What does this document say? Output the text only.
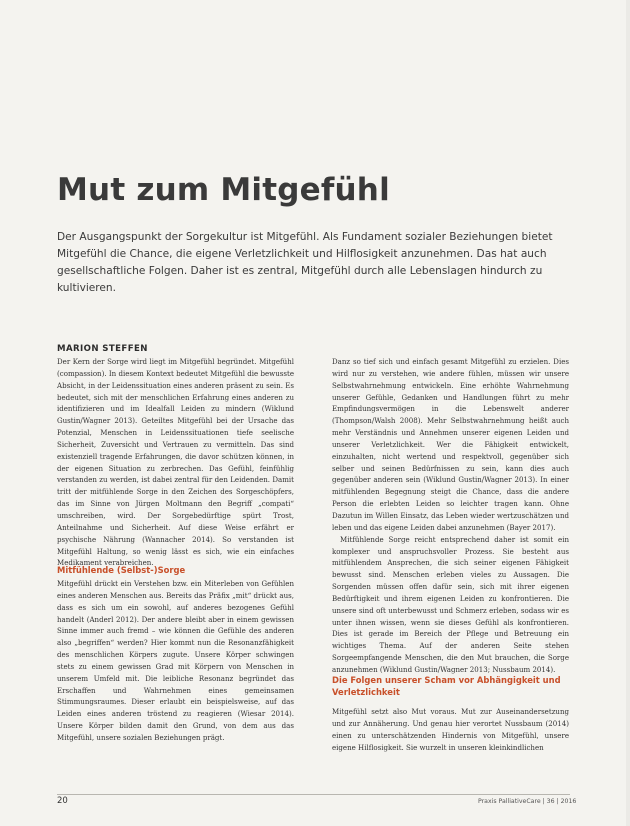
Mut zum Mitgefühl

Der Ausgangspunkt der Sorgekultur ist Mitgefühl. Als Fundament sozialer Beziehungen bietet Mitgefühl die Chance, die eigene Verletzlichkeit und Hilflosigkeit anzunehmen. Das hat auch gesellschaftliche Folgen. Daher ist es zentral, Mitgefühl durch alle Lebenslagen hindurch zu kultivieren.

MARION STEFFEN

Der Kern der Sorge wird liegt im Mitgefühl begründet. Mitgefühl (compassion). In diesem Kontext bedeutet Mitgefühl die bewusste Absicht, in der Leidenssituation eines anderen präsent zu sein. Es bedeutet, sich mit der menschlichen Erfahrung eines anderen zu identifizieren und im Idealfall Leiden zu mindern (Wiklund Gustin/Wagner 2013). Geteiltes Mitgefühl bei der Ursache das Potenzial, Menschen in Leidenssituationen tiefe seelische Sicherheit, Zuversicht und Vertrauen zu vermitteln. Das sind existenziell tragende Erfahrungen, die davor schützen können, in der eigenen Situation zu zerbrechen. Das Gefühl, feinfühlig verstanden zu werden, ist dabei zentral für den Leidenden. Damit tritt der mitfühlende Sorge in den Zeichen des Sorgeschöpfers, das im Sinne von Jürgen Moltmann den Begriff „compati“ umschreiben, wird. Der Sorgebedürftige spürt Trost, Anteilnahme und Sicherheit. Auf diese Weise erfährt er psychische Nährung (Wannacher 2014). So verstanden ist Mitgefühl Haltung, so wenig lässt es sich, wie ein einfaches Medikament verabreichen.

Mitfühlende (Selbst-)Sorge

Mitgefühl drückt ein Verstehen bzw. ein Miterleben von Gefühlen eines anderen Menschen aus. Bereits das Präfix „mit“ drückt aus, dass es sich um ein sowohl, auf anderes bezogenes Gefühl handelt (Anderl 2012). Der andere bleibt aber in einem gewissen Sinne immer auch fremd – wie können die Gefühle des anderen also „begriffen“ werden? Hier kommt nun die Resonanzfähigkeit des menschlichen Körpers zugute. Unsere Körper schwingen stets zu einem gewissen Grad mit Körpern von Menschen in unserem Umfeld mit. Die leibliche Resonanz begründet das Erschaffen und Wahrnehmen eines gemeinsamen Stimmungsraumes. Dieser erlaubt ein beispielsweise, auf das Leiden eines anderen tröstend zu reagieren (Wiesar 2014). Unsere Körper bilden damit den Grund, von dem aus das Mitgefühl, unsere sozialen Beziehungen prägt.

Danz so tief sich und einfach gesamt Mitgefühl zu erzielen. Dies wird nur zu verstehen, wie andere fühlen, müssen wir unsere Selbstwahrnehmung entwickeln. Eine erhöhte Wahrnehmung unserer Gefühle, Gedanken und Handlungen führt zu mehr Empfindungsvermögen in die Lebenswelt anderer (Thompson/Walsh 2008). Mehr Selbstwahrnehmung heißt auch mehr Verständnis und Annehmen unserer eigenen Leiden und unserer Verletzlichkeit. Wer die Fähigkeit entwickelt, einzuhalten, nicht wertend und respektvoll, gegenüber sich selber und seinen Bedürfnissen zu sein, kann dies auch gegenüber anderen sein (Wiklund Gustin/Wagner 2013). In einer mitfühlenden Begegnung steigt die Chance, dass die andere Person die erlebten Leiden so leichter tragen kann. Ohne Dazutun im Willen Einsatz, das Leben wieder wertzuschätzen und leben und das eigene Leiden dabei anzunehmen (Bayer 2017).
Mitfühlende Sorge reicht entsprechend daher ist somit ein komplexer und anspruchsvoller Prozess. Sie besteht aus mitfühlendem Ansprechen, die sich seiner eigenen Fähigkeit bewusst sind. Menschen erleben vieles zu Aussagen. Die Sorgenden müssen offen dafür sein, sich mit ihrer eigenen Bedürftigkeit und ihrem eigenen Leiden zu konfrontieren. Die unsere sind oft unterbewusst und Schmerz erleben, sodass wir es unter ihnen wissen, wenn sie dieses Gefühl als konfrontieren. Dies ist gerade im Bereich der Pflege und Betreuung ein wichtiges Thema. Auf der anderen Seite stehen Sorgeempfangende Menschen, die den Mut brauchen, die Sorge anzunehmen (Wiklund Gustin/Wagner 2013; Nussbaum 2014).

Die Folgen unserer Scham vor Abhängigkeit und Verletzlichkeit

Mitgefühl setzt also Mut voraus. Mut zur Auseinandersetzung und zur Annäherung. Und genau hier verortet Nussbaum (2014) einen zu unterschätzenden Hindernis von Mitgefühl, unsere eigene Hilflosigkeit. Sie wurzelt in unseren kleinkindlichen

20	Praxis PalliativeCare | 36 | 2016
